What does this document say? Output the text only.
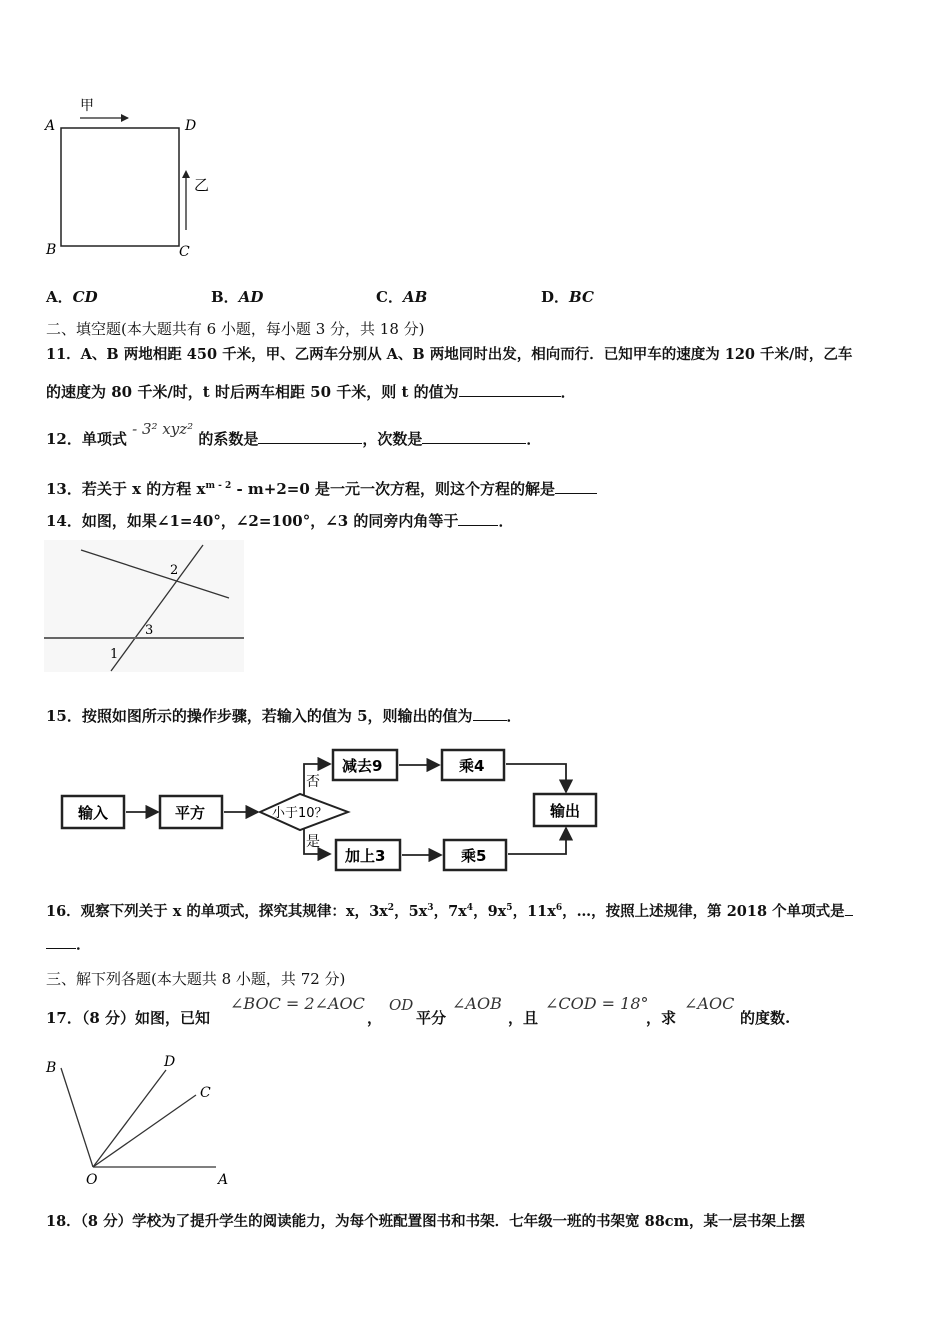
甲
乙
A	D
B	C
A．CD	B．AD	C．AB	D．BC
二、填空题(本大题共有 6 小题，每小题 3 分，共 18 分)
11．A、B 两地相距 450 千米，甲、乙两车分别从 A、B 两地同时出发，相向而行．已知甲车的速度为 120 千米/时，乙车
的速度为 80 千米/时，t 时后两车相距 50 千米，则 t 的值为	．
12．单项式 - 3² xyz² 的系数是	，次数是	．
13．若关于 x 的方程 $x^{m - 2} - m+2=0$ 是一元一次方程，则这个方程的解是
14．如图，如果∠1=40°，∠2=100°，∠3 的同旁内角等于	．
2
3
1
15．按照如图所示的操作步骤，若输入的值为 5，则输出的值为 ．
输入	平方	小于10？
否
是
减去9	乘4
加上3	乘5
输出
16．观察下列关于 x 的单项式，探究其规律：x，$3x^2$，$5x^3$，$7x^4$，$9x^5$，$11x^6$，…，按照上述规律，第 2018 个单项式是
．
三、解下列各题(本大题共 8 小题，共 72 分)
17．（8 分）如图，已知
∠BOC = 2∠AOC
，
OD
平分
∠AOB
，且
∠COD = 18°
，求
∠AOC
的度数.
B	D
C
O	A
18．（8 分）学校为了提升学生的阅读能力，为每个班配置图书和书架．七年级一班的书架宽 88cm，某一层书架上摆
